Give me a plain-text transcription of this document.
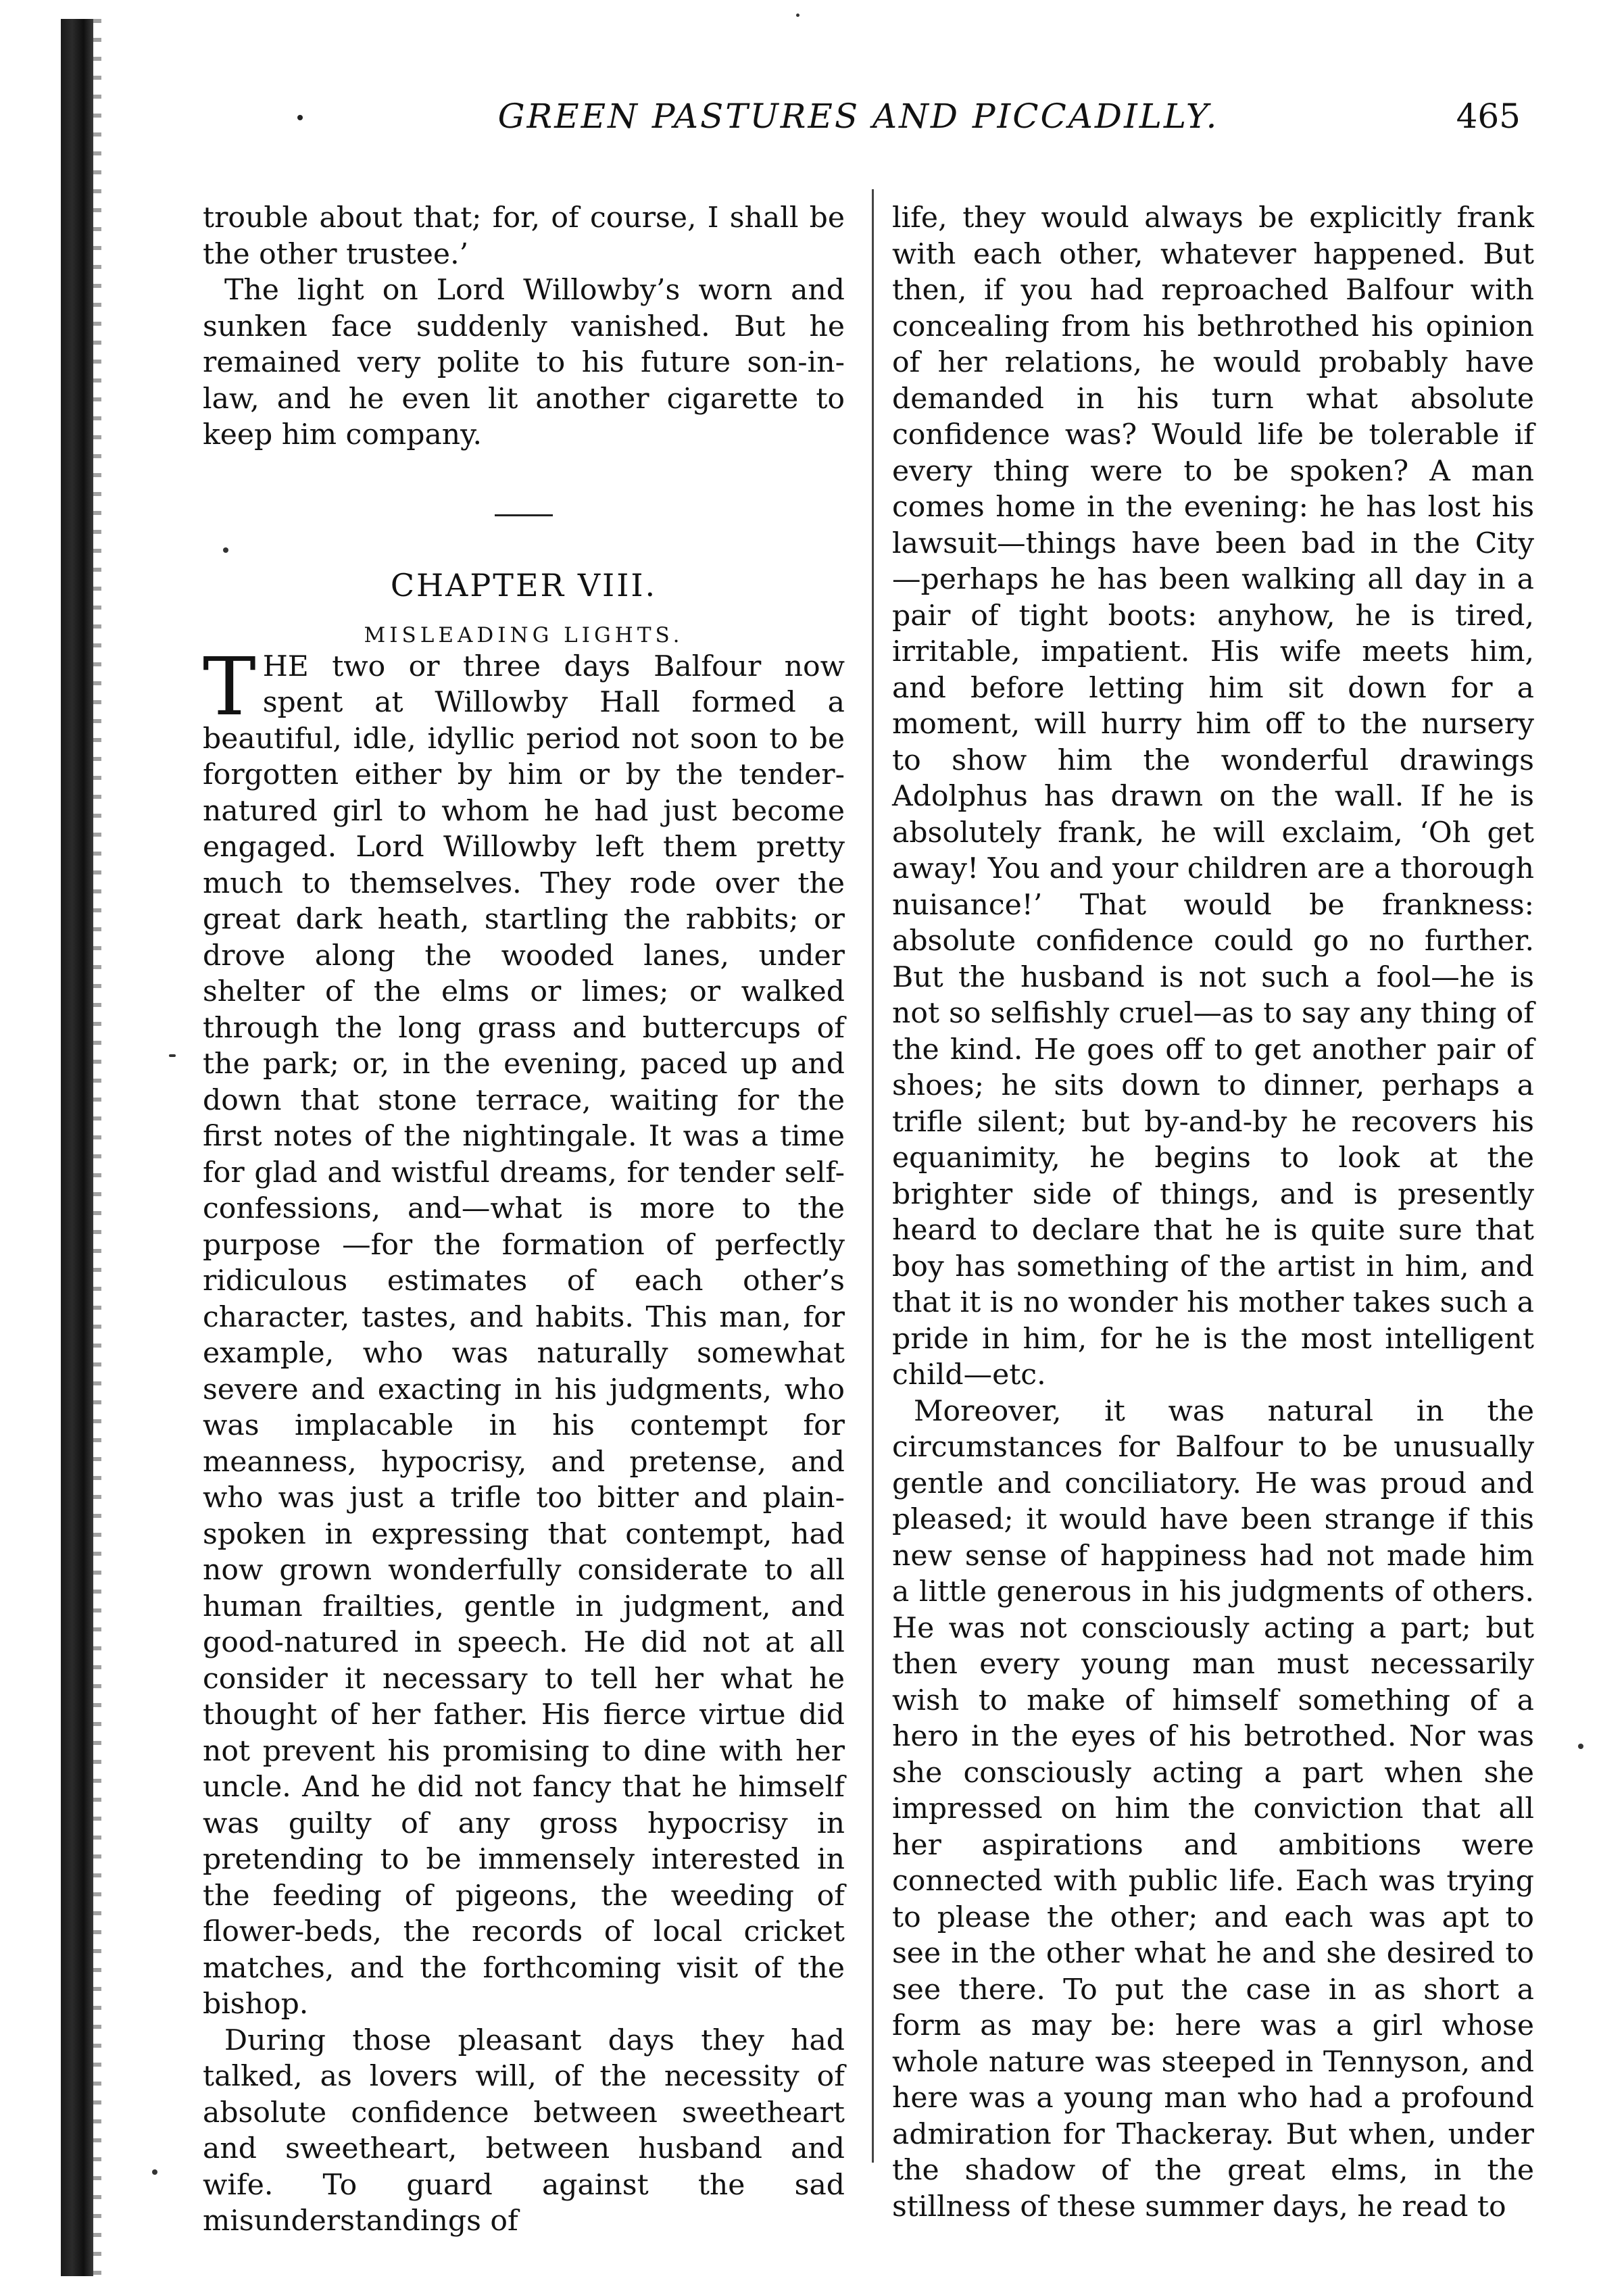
GREEN PASTURES AND PICCADILLY.	465

trouble about that; for, of course, I shall be the other trustee.’

The light on Lord Willowby’s worn and sunken face suddenly vanished. But he remained very polite to his future son-in-law, and he even lit another cigarette to keep him company.

CHAPTER VIII.
MISLEADING LIGHTS.

THE two or three days Balfour now spent at Willowby Hall formed a beautiful, idle, idyllic period not soon to be forgotten either by him or by the tender-natured girl to whom he had just become engaged. Lord Willowby left them pretty much to themselves. They rode over the great dark heath, startling the rabbits; or drove along the wooded lanes, under shelter of the elms or limes; or walked through the long grass and buttercups of the park; or, in the evening, paced up and down that stone terrace, waiting for the first notes of the nightingale. It was a time for glad and wistful dreams, for tender self-confessions, and—what is more to the purpose —for the formation of perfectly ridiculous estimates of each other’s character, tastes, and habits. This man, for example, who was naturally somewhat severe and exacting in his judgments, who was implacable in his contempt for meanness, hypocrisy, and pretense, and who was just a trifle too bitter and plain-spoken in expressing that contempt, had now grown wonderfully considerate to all human frailties, gentle in judgment, and good-natured in speech. He did not at all consider it necessary to tell her what he thought of her father. His fierce virtue did not prevent his promising to dine with her uncle. And he did not fancy that he himself was guilty of any gross hypocrisy in pretending to be immensely interested in the feeding of pigeons, the weeding of flower-beds, the records of local cricket matches, and the forthcoming visit of the bishop.

During those pleasant days they had talked, as lovers will, of the necessity of absolute confidence between sweetheart and sweetheart, between husband and wife. To guard against the sad misunderstandings of

life, they would always be explicitly frank with each other, whatever happened. But then, if you had reproached Balfour with concealing from his bethrothed his opinion of her relations, he would probably have demanded in his turn what absolute confidence was? Would life be tolerable if every thing were to be spoken? A man comes home in the evening: he has lost his lawsuit—things have been bad in the City —perhaps he has been walking all day in a pair of tight boots: anyhow, he is tired, irritable, impatient. His wife meets him, and before letting him sit down for a moment, will hurry him off to the nursery to show him the wonderful drawings Adolphus has drawn on the wall. If he is absolutely frank, he will exclaim, ‘Oh get away! You and your children are a thorough nuisance!’ That would be frankness: absolute confidence could go no further. But the husband is not such a fool—he is not so selfishly cruel—as to say any thing of the kind. He goes off to get another pair of shoes; he sits down to dinner, perhaps a trifle silent; but by-and-by he recovers his equanimity, he begins to look at the brighter side of things, and is presently heard to declare that he is quite sure that boy has something of the artist in him, and that it is no wonder his mother takes such a pride in him, for he is the most intelligent child—etc.

Moreover, it was natural in the circumstances for Balfour to be unusually gentle and conciliatory. He was proud and pleased; it would have been strange if this new sense of happiness had not made him a little generous in his judgments of others. He was not consciously acting a part; but then every young man must necessarily wish to make of himself something of a hero in the eyes of his betrothed. Nor was she consciously acting a part when she impressed on him the conviction that all her aspirations and ambitions were connected with public life. Each was trying to please the other; and each was apt to see in the other what he and she desired to see there. To put the case in as short a form as may be: here was a girl whose whole nature was steeped in Tennyson, and here was a young man who had a profound admiration for Thackeray. But when, under the shadow of the great elms, in the stillness of these summer days, he read to
